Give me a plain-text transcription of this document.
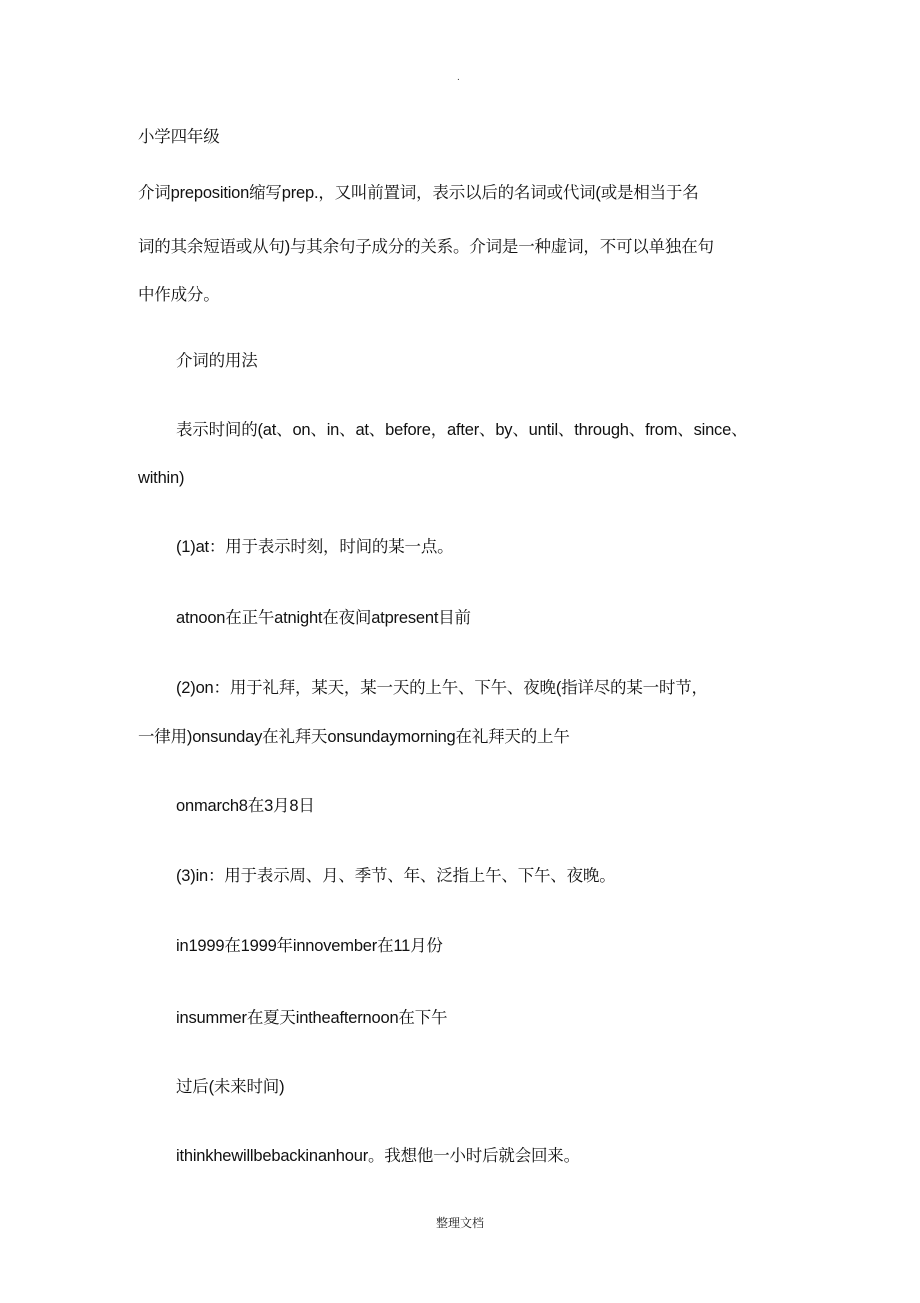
.
小学四年级
介词preposition缩写prep.，又叫前置词，表示以后的名词或代词(或是相当于名
词的其余短语或从句)与其余句子成分的关系。介词是一种虚词，不可以单独在句
中作成分。
介词的用法
表示时间的(at、on、in、at、before，after、by、until、through、from、since、
within)
(1)at：用于表示时刻，时间的某一点。
atnoon在正午atnight在夜间atpresent目前
(2)on：用于礼拜，某天，某一天的上午、下午、夜晚(指详尽的某一时节，
一律用)onsunday在礼拜天onsundaymorning在礼拜天的上午
onmarch8在3月8日
(3)in：用于表示周、月、季节、年、泛指上午、下午、夜晚。
in1999在1999年innovember在11月份
insummer在夏天intheafternoon在下午
过后(未来时间)
ithinkhewillbebackinanhour。我想他一小时后就会回来。
整理文档
